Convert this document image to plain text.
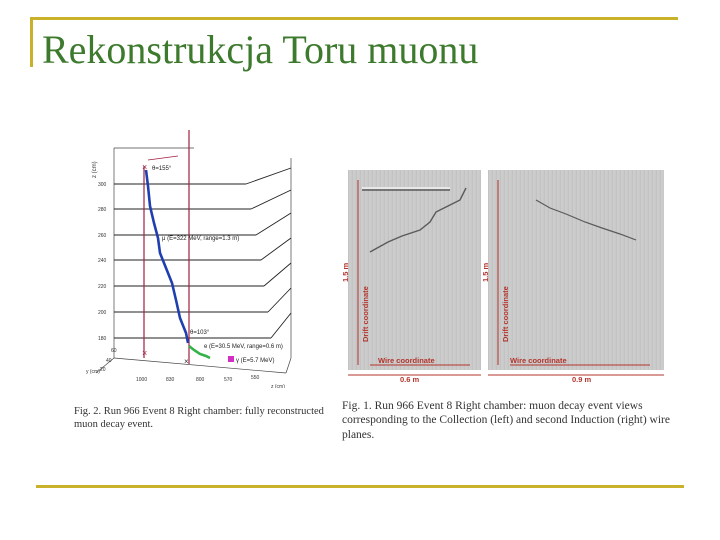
Rekonstrukcja Toru muonu
×
×
×
z (cm)
300
280
260
240
220
200
180
60
40
20
y (cm)
1000	830	800	570	550
z (cm)
θ=155°
μ (E=322 MeV, range=1.3 m)
θ=103°
e (E=30.5 MeV, range=0.6 m)
γ (E=5.7 MeV)
Fig. 2. Run 966 Event 8 Right chamber: fully reconstructed muon decay event.
1.5 m
Drift coordinate
Wire coordinate
0.6 m
1.5 m
Drift coordinate
Wire coordinate
0.9 m
Fig. 1. Run 966 Event 8 Right chamber: muon decay event views corresponding to the Collection (left) and second Induction (right) wire planes.
